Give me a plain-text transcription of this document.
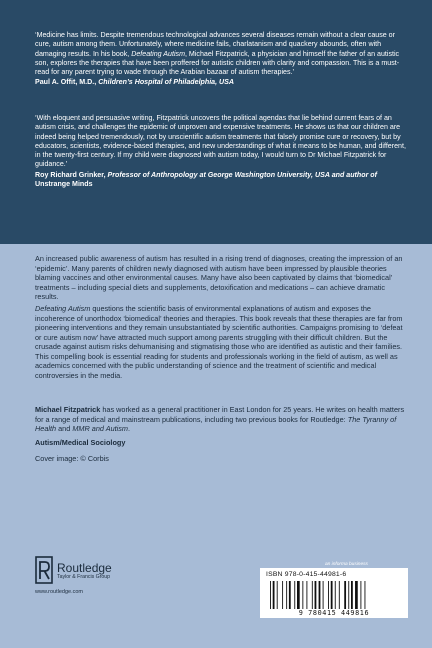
‘Medicine has limits. Despite tremendous technological advances several diseases remain without a clear cause or cure, autism among them. Unfortunately, where medicine fails, charlatanism and quackery abounds, often with damaging results. In his book, Defeating Autism, Michael Fitzpatrick, a physician and himself the father of an autistic son, explores the therapies that have been proffered for autistic children with clarity and compassion. This is a must-read for any parent trying to wade through the Arabian bazaar of autism therapies.’

Paul A. Offit, M.D., Children’s Hospital of Philadelphia, USA

‘With eloquent and persuasive writing, Fitzpatrick uncovers the political agendas that lie behind current fears of an autism crisis, and challenges the epidemic of unproven and expensive treatments. He shows us that our children are indeed being helped tremendously, not by unscientific autism treatments that falsely promise cure or recovery, but by educators, scientists, evidence-based therapies, and new understandings of what it means to be human, and different, in the twenty-first century. If my child were diagnosed with autism today, I would turn to Dr Michael Fitzpatrick for guidance.’

Roy Richard Grinker, Professor of Anthropology at George Washington University, USA and author of Unstrange Minds

An increased public awareness of autism has resulted in a rising trend of diagnoses, creating the impression of an ‘epidemic’. Many parents of children newly diagnosed with autism have been impressed by plausible theories blaming vaccines and other environmental causes. Many have also been captivated by claims that ‘biomedical’ treatments – including special diets and supplements, detoxification and medications – can achieve dramatic results.

Defeating Autism questions the scientific basis of environmental explanations of autism and exposes the incoherence of unorthodox ‘biomedical’ theories and therapies. This book reveals that these therapies are far from pioneering interventions and they remain unsubstantiated by scientific authorities. Campaigns promising to ‘defeat or cure autism now’ have attracted much support among parents struggling with their difficult children. But the crusade against autism risks dehumanising and stigmatising those who are identified as autistic and their families. This compelling book is essential reading for students and professionals working in the field of autism, as well as academics concerned with the public understanding of science and the treatment of scientific and medical controversies in the media.

Michael Fitzpatrick has worked as a general practitioner in East London for 25 years. He writes on health matters for a range of medical and mainstream publications, including two previous books for Routledge: The Tyranny of Health and MMR and Autism.

Autism/Medical Sociology

Cover image: © Corbis

Routledge
Taylor & Francis Group
www.routledge.com
an informa business
ISBN 978-0-415-44981-6
9 780415 449816
